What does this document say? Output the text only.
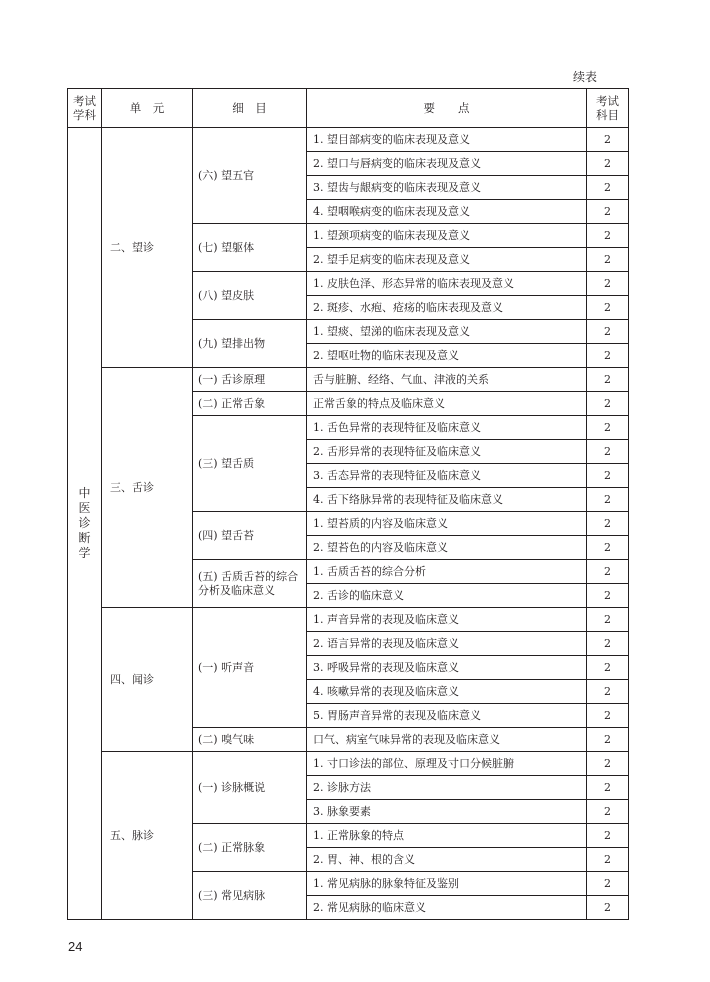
续表
考试学科	单　元	细　目	要　　点	考试科目

中
医
诊
断
学	二、望诊	(六) 望五官	1. 望目部病变的临床表现及意义	2
			2. 望口与唇病变的临床表现及意义	2
			3. 望齿与龈病变的临床表现及意义	2
			4. 望咽喉病变的临床表现及意义	2
		(七) 望躯体	1. 望颈项病变的临床表现及意义	2
			2. 望手足病变的临床表现及意义	2
		(八) 望皮肤	1. 皮肤色泽、形态异常的临床表现及意义	2
			2. 斑疹、水疱、疮疡的临床表现及意义	2
		(九) 望排出物	1. 望痰、望涕的临床表现及意义	2
			2. 望呕吐物的临床表现及意义	2
	三、舌诊	(一) 舌诊原理	舌与脏腑、经络、气血、津液的关系	2
		(二) 正常舌象	正常舌象的特点及临床意义	2
		(三) 望舌质	1. 舌色异常的表现特征及临床意义	2
			2. 舌形异常的表现特征及临床意义	2
			3. 舌态异常的表现特征及临床意义	2
			4. 舌下络脉异常的表现特征及临床意义	2
		(四) 望舌苔	1. 望苔质的内容及临床意义	2
			2. 望苔色的内容及临床意义	2
		(五) 舌质舌苔的综合分析及临床意义	1. 舌质舌苔的综合分析	2
			2. 舌诊的临床意义	2
	四、闻诊	(一) 听声音	1. 声音异常的表现及临床意义	2
			2. 语言异常的表现及临床意义	2
			3. 呼吸异常的表现及临床意义	2
			4. 咳嗽异常的表现及临床意义	2
			5. 胃肠声音异常的表现及临床意义	2
		(二) 嗅气味	口气、病室气味异常的表现及临床意义	2
	五、脉诊	(一) 诊脉概说	1. 寸口诊法的部位、原理及寸口分候脏腑	2
			2. 诊脉方法	2
			3. 脉象要素	2
		(二) 正常脉象	1. 正常脉象的特点	2
			2. 胃、神、根的含义	2
		(三) 常见病脉	1. 常见病脉的脉象特征及鉴别	2
			2. 常见病脉的临床意义	2
24
